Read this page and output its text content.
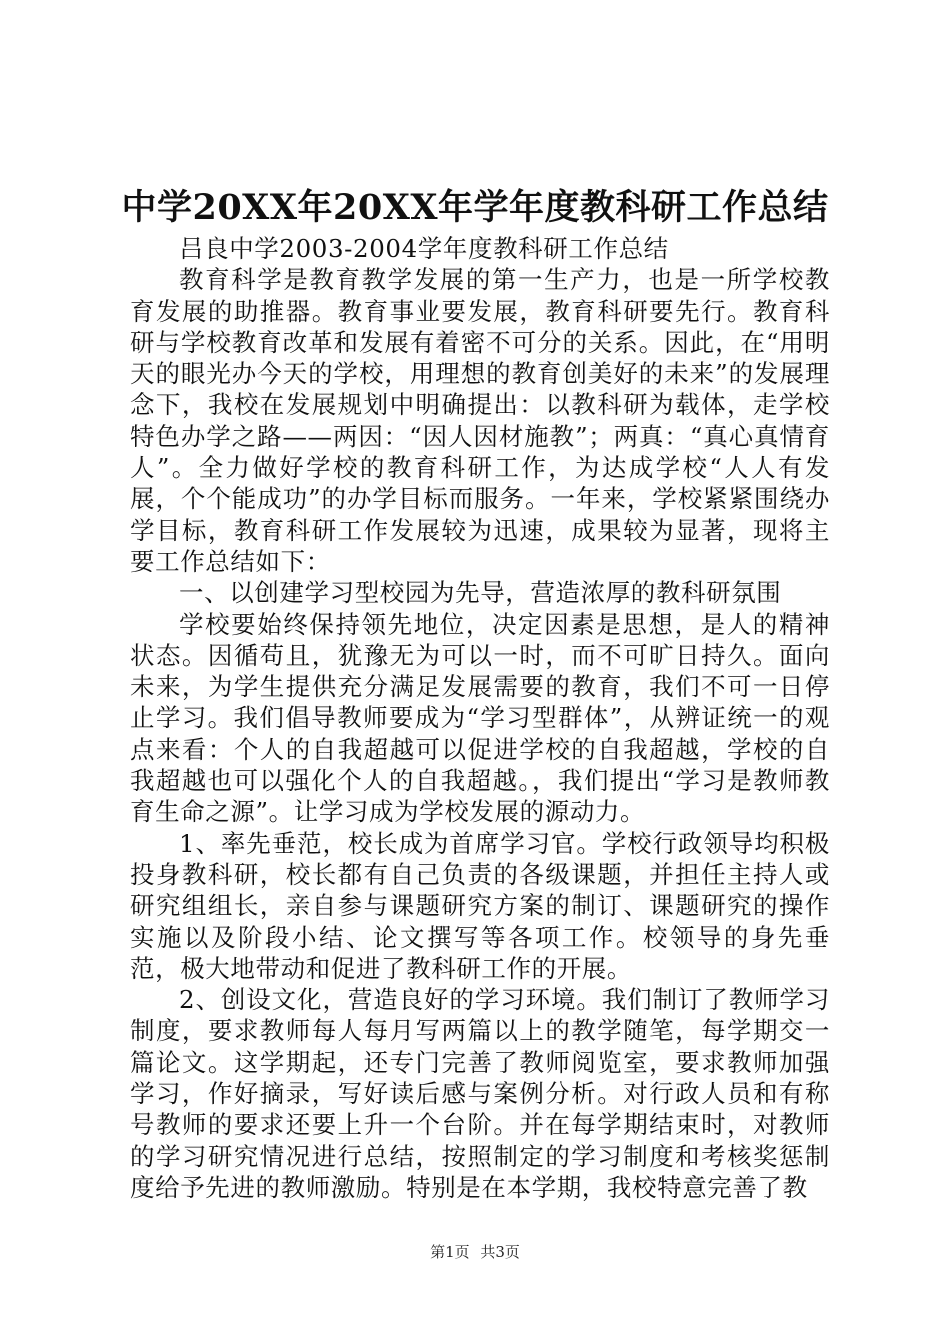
中学20XX年20XX年学年度教科研工作总结

吕良中学2003-2004学年度教科研工作总结

教育科学是教育教学发展的第一生产力，也是一所学校教育发展的助推器。教育事业要发展，教育科研要先行。教育科研与学校教育改革和发展有着密不可分的关系。因此，在“用明天的眼光办今天的学校，用理想的教育创美好的未来”的发展理念下，我校在发展规划中明确提出：以教科研为载体，走学校特色办学之路——两因：“因人因材施教”；两真：“真心真情育人”。全力做好学校的教育科研工作，为达成学校“人人有发展，个个能成功”的办学目标而服务。一年来，学校紧紧围绕办学目标，教育科研工作发展较为迅速，成果较为显著，现将主要工作总结如下：

一、以创建学习型校园为先导，营造浓厚的教科研氛围

学校要始终保持领先地位，决定因素是思想，是人的精神状态。因循苟且，犹豫无为可以一时，而不可旷日持久。面向未来，为学生提供充分满足发展需要的教育，我们不可一日停止学习。我们倡导教师要成为“学习型群体”，从辨证统一的观点来看：个人的自我超越可以促进学校的自我超越，学校的自我超越也可以强化个人的自我超越。，我们提出“学习是教师教育生命之源”。让学习成为学校发展的源动力。

1、率先垂范，校长成为首席学习官。学校行政领导均积极投身教科研，校长都有自己负责的各级课题，并担任主持人或研究组组长，亲自参与课题研究方案的制订、课题研究的操作实施以及阶段小结、论文撰写等各项工作。校领导的身先垂范，极大地带动和促进了教科研工作的开展。

2、创设文化，营造良好的学习环境。我们制订了教师学习制度，要求教师每人每月写两篇以上的教学随笔，每学期交一篇论文。这学期起，还专门完善了教师阅览室，要求教师加强学习，作好摘录，写好读后感与案例分析。对行政人员和有称号教师的要求还要上升一个台阶。并在每学期结束时，对教师的学习研究情况进行总结，按照制定的学习制度和考核奖惩制度给予先进的教师激励。特别是在本学期，我校特意完善了教

第1页 共3页
